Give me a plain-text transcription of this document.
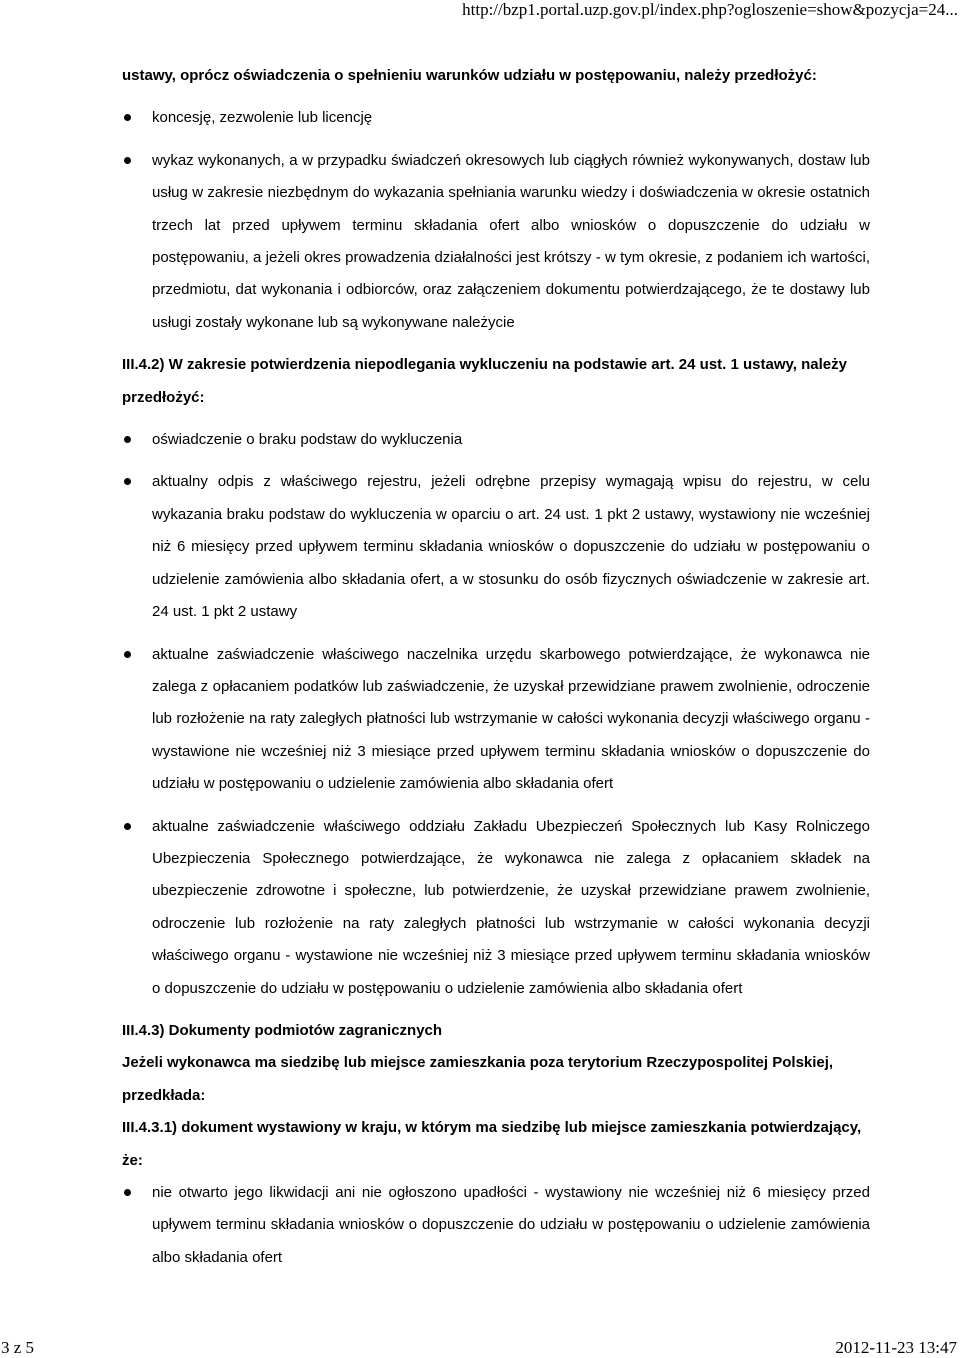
http://bzp1.portal.uzp.gov.pl/index.php?ogloszenie=show&pozycja=24...

ustawy, oprócz oświadczenia o spełnieniu warunków udziału w postępowaniu, należy przedłożyć:

koncesję, zezwolenie lub licencję
wykaz wykonanych, a w przypadku świadczeń okresowych lub ciągłych również wykonywanych, dostaw lub usług w zakresie niezbędnym do wykazania spełniania warunku wiedzy i doświadczenia w okresie ostatnich trzech lat przed upływem terminu składania ofert albo wniosków o dopuszczenie do udziału w postępowaniu, a jeżeli okres prowadzenia działalności jest krótszy - w tym okresie, z podaniem ich wartości, przedmiotu, dat wykonania i odbiorców, oraz załączeniem dokumentu potwierdzającego, że te dostawy lub usługi zostały wykonane lub są wykonywane należycie

III.4.2) W zakresie potwierdzenia niepodlegania wykluczeniu na podstawie art. 24 ust. 1 ustawy, należy przedłożyć:

oświadczenie o braku podstaw do wykluczenia
aktualny odpis z właściwego rejestru, jeżeli odrębne przepisy wymagają wpisu do rejestru, w celu wykazania braku podstaw do wykluczenia w oparciu o art. 24 ust. 1 pkt 2 ustawy, wystawiony nie wcześniej niż 6 miesięcy przed upływem terminu składania wniosków o dopuszczenie do udziału w postępowaniu o udzielenie zamówienia albo składania ofert, a w stosunku do osób fizycznych oświadczenie w zakresie art. 24 ust. 1 pkt 2 ustawy
aktualne zaświadczenie właściwego naczelnika urzędu skarbowego potwierdzające, że wykonawca nie zalega z opłacaniem podatków lub zaświadczenie, że uzyskał przewidziane prawem zwolnienie, odroczenie lub rozłożenie na raty zaległych płatności lub wstrzymanie w całości wykonania decyzji właściwego organu - wystawione nie wcześniej niż 3 miesiące przed upływem terminu składania wniosków o dopuszczenie do udziału w postępowaniu o udzielenie zamówienia albo składania ofert
aktualne zaświadczenie właściwego oddziału Zakładu Ubezpieczeń Społecznych lub Kasy Rolniczego Ubezpieczenia Społecznego potwierdzające, że wykonawca nie zalega z opłacaniem składek na ubezpieczenie zdrowotne i społeczne, lub potwierdzenie, że uzyskał przewidziane prawem zwolnienie, odroczenie lub rozłożenie na raty zaległych płatności lub wstrzymanie w całości wykonania decyzji właściwego organu - wystawione nie wcześniej niż 3 miesiące przed upływem terminu składania wniosków o dopuszczenie do udziału w postępowaniu o udzielenie zamówienia albo składania ofert

III.4.3) Dokumenty podmiotów zagranicznych

Jeżeli wykonawca ma siedzibę lub miejsce zamieszkania poza terytorium Rzeczypospolitej Polskiej, przedkłada:

III.4.3.1) dokument wystawiony w kraju, w którym ma siedzibę lub miejsce zamieszkania potwierdzający, że:

nie otwarto jego likwidacji ani nie ogłoszono upadłości - wystawiony nie wcześniej niż 6 miesięcy przed upływem terminu składania wniosków o dopuszczenie do udziału w postępowaniu o udzielenie zamówienia albo składania ofert
3 z 5	2012-11-23 13:47
